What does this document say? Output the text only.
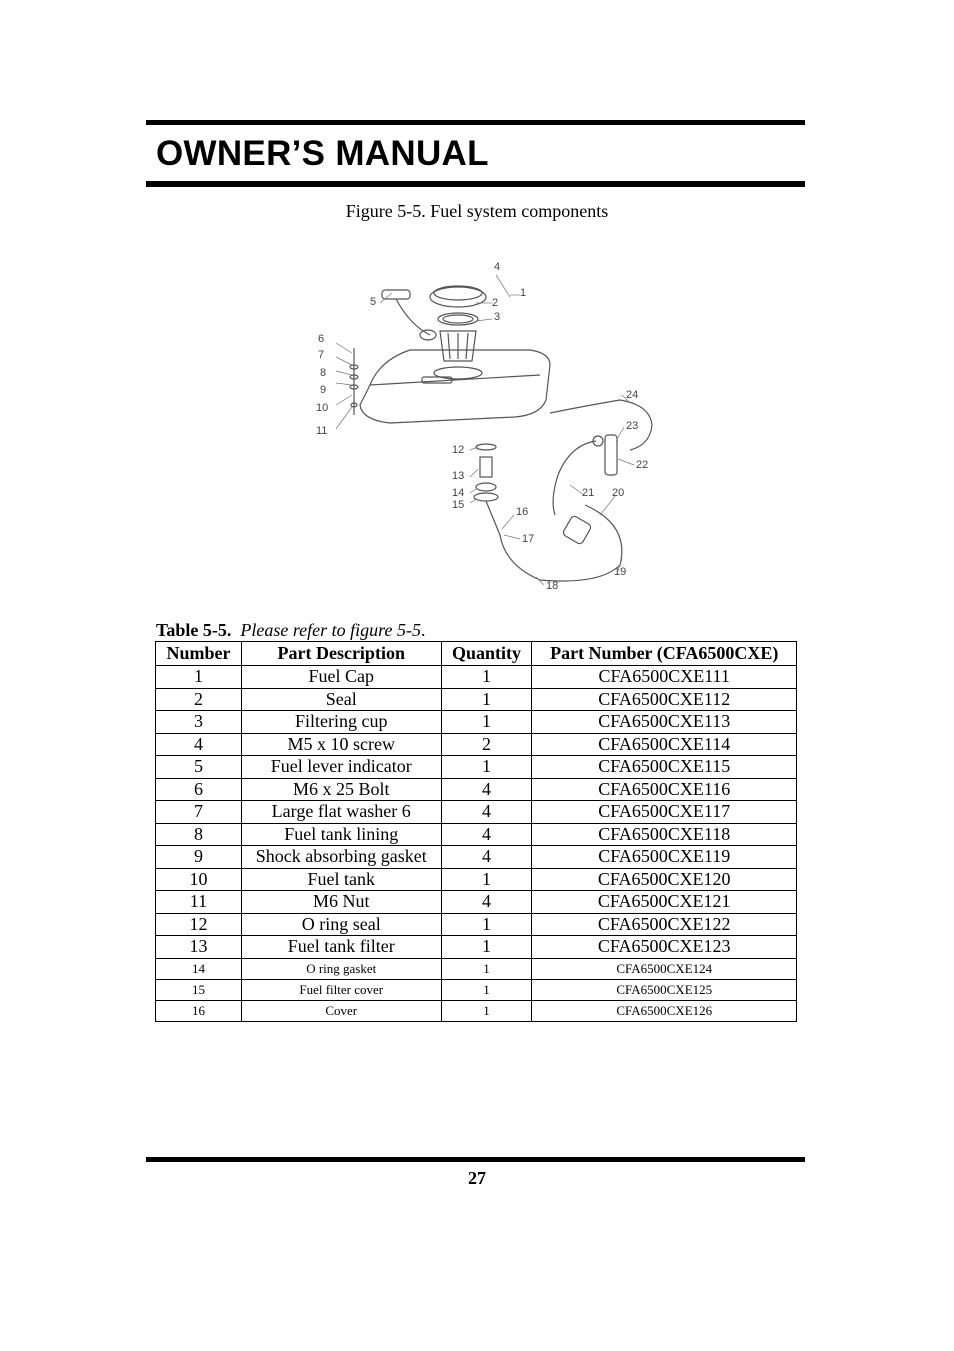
OWNER’S MANUAL
Figure 5-5. Fuel system components
4
1
2
3
5
6
7
8
9
10
11
12
13
14
15
16
17
18
19
20
21
22
23
24
Table 5-5. Please refer to figure 5-5.
Number	Part Description	Quantity	Part Number (CFA6500CXE)
1	Fuel Cap	1	CFA6500CXE111
2	Seal	1	CFA6500CXE112
3	Filtering cup	1	CFA6500CXE113
4	M5 x 10 screw	2	CFA6500CXE114
5	Fuel lever indicator	1	CFA6500CXE115
6	M6 x 25 Bolt	4	CFA6500CXE116
7	Large flat washer 6	4	CFA6500CXE117
8	Fuel tank lining	4	CFA6500CXE118
9	Shock absorbing gasket	4	CFA6500CXE119
10	Fuel tank	1	CFA6500CXE120
11	M6 Nut	4	CFA6500CXE121
12	O ring seal	1	CFA6500CXE122
13	Fuel tank filter	1	CFA6500CXE123
14	O ring gasket	1	CFA6500CXE124
15	Fuel filter cover	1	CFA6500CXE125
16	Cover	1	CFA6500CXE126
27
